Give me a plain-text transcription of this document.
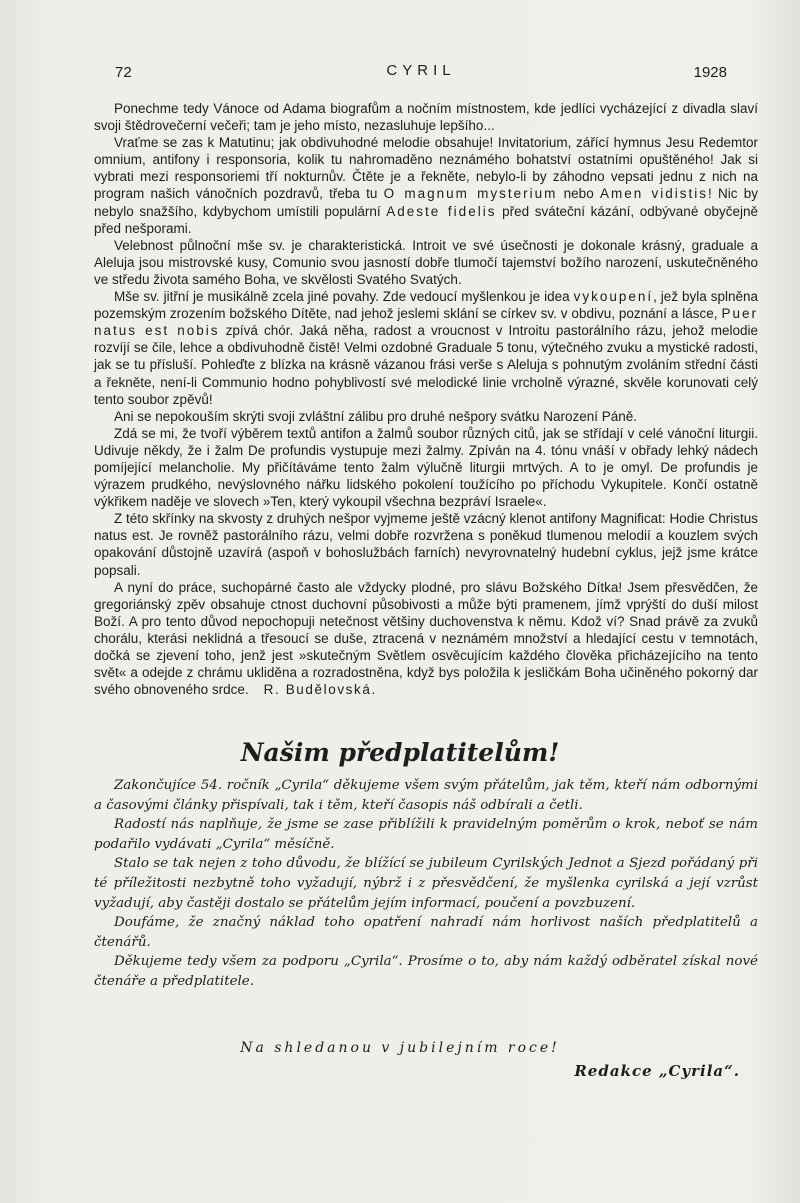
72	CYRIL	1928

Ponechme tedy Vánoce od Adama biografům a nočním místnostem, kde jedlíci vycházející z divadla slaví svoji štědrovečerní večeři; tam je jeho místo, nezasluhuje lepšího...

Vraťme se zas k Matutinu; jak obdivuhodné melodie obsahuje! Invitatorium, zářící hymnus Jesu Redemtor omnium, antifony i responsoria, kolik tu nahromaděno neznámého bohatství ostatními opuštěného! Jak si vybrati mezi responsoriemi tří nokturnův. Čtěte je a řekněte, nebylo-li by záhodno vepsati jednu z nich na program našich vánočních pozdravů, třeba tu O magnum mysterium nebo Amen vidistis! Nic by nebylo snažšího, kdybychom umístili populární Adeste fidelis před sváteční kázání, odbývané obyčejně před nešporami.

Velebnost půlnoční mše sv. je charakteristická. Introit ve své úsečnosti je dokonale krásný, graduale a Aleluja jsou mistrovské kusy, Comunio svou jasností dobře tlumočí tajemství božího narození, uskutečněného ve středu života samého Boha, ve skvělosti Svatého Svatých.

Mše sv. jitřní je musikálně zcela jiné povahy. Zde vedoucí myšlenkou je idea vykoupení, jež byla splněna pozemským zrozením božského Dítěte, nad jehož jeslemi sklání se církev sv. v obdivu, poznání a lásce, Puer natus est nobis zpívá chór. Jaká něha, radost a vroucnost v Introitu pastorálního rázu, jehož melodie rozvíjí se čile, lehce a obdivuhodně čistě! Velmi ozdobné Graduale 5 tonu, výtečného zvuku a mystické radosti, jak se tu přísluší. Pohleďte z blízka na krásně vázanou frási verše s Aleluja s pohnutým zvoláním střední části a řekněte, není-li Communio hodno pohyblivostí své melodické linie vrcholně výrazné, skvěle korunovati celý tento soubor zpěvů!

Ani se nepokouším skrýti svoji zvláštní zálibu pro druhé nešpory svátku Narození Páně.

Zdá se mi, že tvoří výběrem textů antifon a žalmů soubor různých citů, jak se střídají v celé vánoční liturgii. Udivuje někdy, že i žalm De profundis vystupuje mezi žalmy. Zpíván na 4. tónu vnáší v obřady lehký nádech pomíjející melancholie. My přičítáváme tento žalm výlučně liturgii mrtvých. A to je omyl. De profundis je výrazem prudkého, nevýslovného nářku lidského pokolení toužícího po příchodu Vykupitele. Končí ostatně výkřikem naděje ve slovech »Ten, který vykoupil všechna bezpráví Israele«.

Z této skřínky na skvosty z druhých nešpor vyjmeme ještě vzácný klenot antifony Magnificat: Hodie Christus natus est. Je rovněž pastorálního rázu, velmi dobře rozvržena s poněkud tlumenou melodií a kouzlem svých opakování důstojně uzavírá (aspoň v bohoslužbách farních) nevyrovnatelný hudební cyklus, jejž jsme krátce popsali.

A nyní do práce, suchopárné často ale vždycky plodné, pro slávu Božského Dítka! Jsem přesvědčen, že gregoriánský zpěv obsahuje ctnost duchovní působivosti a může býti pramenem, jímž vprýští do duší milost Boží. A pro tento důvod nepochopuji netečnost většiny duchovenstva k němu. Kdož ví? Snad právě za zvuků chorálu, kterási neklidná a třesoucí se duše, ztracená v neznámém množství a hledající cestu v temnotách, dočká se zjevení toho, jenž jest »skutečným Světlem osvěcujícím každého člověka přicházejícího na tento svět« a odejde z chrámu ukliděna a rozradostněna, když bys položila k jesličkám Boha učiněného pokorný dar svého obnoveného srdce. R. Budělovská.

Našim předplatitelům!

Zakončujíce 54. ročník „Cyrila“ děkujeme všem svým přátelům, jak těm, kteří nám odbornými a časovými články přispívali, tak i těm, kteří časopis náš odbírali a četli.

Radostí nás naplňuje, že jsme se zase přiblížili k pravidelným poměrům o krok, neboť se nám podařilo vydávati „Cyrila“ měsíčně.

Stalo se tak nejen z toho důvodu, že blížící se jubileum Cyrilských Jednot a Sjezd pořádaný při té příležitosti nezbytně toho vyžadují, nýbrž i z přesvědčení, že myšlenka cyrilská a její vzrůst vyžadují, aby častěji dostalo se přátelům jejím informací, poučení a povzbuzení.

Doufáme, že značný náklad toho opatření nahradí nám horlivost naších předplatitelů a čtenářů.

Děkujeme tedy všem za podporu „Cyrila“. Prosíme o to, aby nám každý odběratel získal nové čtenáře a předplatitele.

Na shledanou v jubilejním roce!
Redakce „Cyrila“.
